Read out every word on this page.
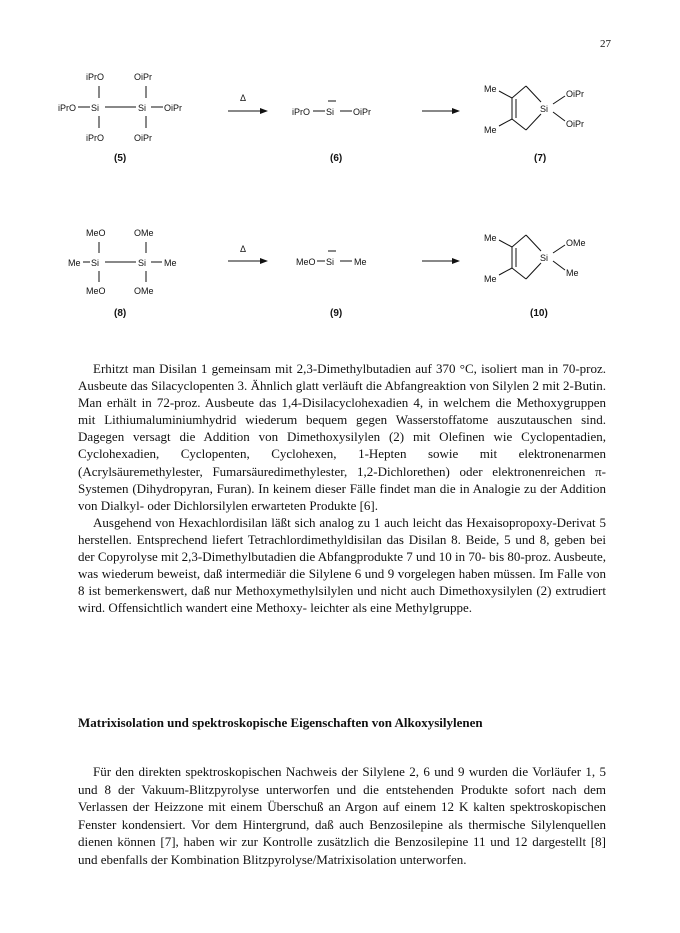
27
iPrO	OiPr
iPrO Si	Si OiPr
iPrO	OiPr
(5)
Δ
iPrO Si OiPr
(6)
Me
Me
Si
OiPr
OiPr
(7)
MeO	OMe
Me Si	Si Me
MeO	OMe
(8)
Δ
MeO Si Me
(9)
Me
Me
Si
OMe
Me
(10)

Erhitzt man Disilan 1 gemeinsam mit 2,3-Dimethylbutadien auf 370 °C, isoliert man in 70-proz. Ausbeute das Silacyclopenten 3. Ähnlich glatt verläuft die Abfangreaktion von Silylen 2 mit 2-Butin. Man erhält in 72-proz. Ausbeute das 1,4-Disilacyclohexadien 4, in welchem die Methoxygruppen mit Lithiumaluminiumhydrid wiederum bequem gegen Wasserstoffatome auszutauschen sind. Dagegen versagt die Addition von Dimethoxysilylen (2) mit Olefinen wie Cyclopentadien, Cyclohexadien, Cyclopenten, Cyclohexen, 1-Hepten sowie mit elektronenarmen (Acrylsäuremethylester, Fumarsäuredimethylester, 1,2-Dichlorethen) oder elektronenreichen π-Systemen (Dihydropyran, Furan). In keinem dieser Fälle findet man die in Analogie zu der Addition von Dialkyl- oder Dichlorsilylen erwarteten Produkte [6].

Ausgehend von Hexachlordisilan läßt sich analog zu 1 auch leicht das Hexaisopropoxy-Derivat 5 herstellen. Entsprechend liefert Tetrachlordimethyldisilan das Disilan 8. Beide, 5 und 8, geben bei der Copyrolyse mit 2,3-Dimethylbutadien die Abfangprodukte 7 und 10 in 70- bis 80-proz. Ausbeute, was wiederum beweist, daß intermediär die Silylene 6 und 9 vorgelegen haben müssen. Im Falle von 8 ist bemerkenswert, daß nur Methoxymethylsilylen und nicht auch Dimethoxysilylen (2) extrudiert wird. Offensichtlich wandert eine Methoxy- leichter als eine Methylgruppe.

Matrixisolation und spektroskopische Eigenschaften von Alkoxysilylenen

Für den direkten spektroskopischen Nachweis der Silylene 2, 6 und 9 wurden die Vorläufer 1, 5 und 8 der Vakuum-Blitzpyrolyse unterworfen und die entstehenden Produkte sofort nach dem Verlassen der Heizzone mit einem Überschuß an Argon auf einem 12 K kalten spektroskopischen Fenster kondensiert. Vor dem Hintergrund, daß auch Benzosilepine als thermische Silylenquellen dienen können [7], haben wir zur Kontrolle zusätzlich die Benzosilepine 11 und 12 dargestellt [8] und ebenfalls der Kombination Blitzpyrolyse/Matrixisolation unterworfen.
